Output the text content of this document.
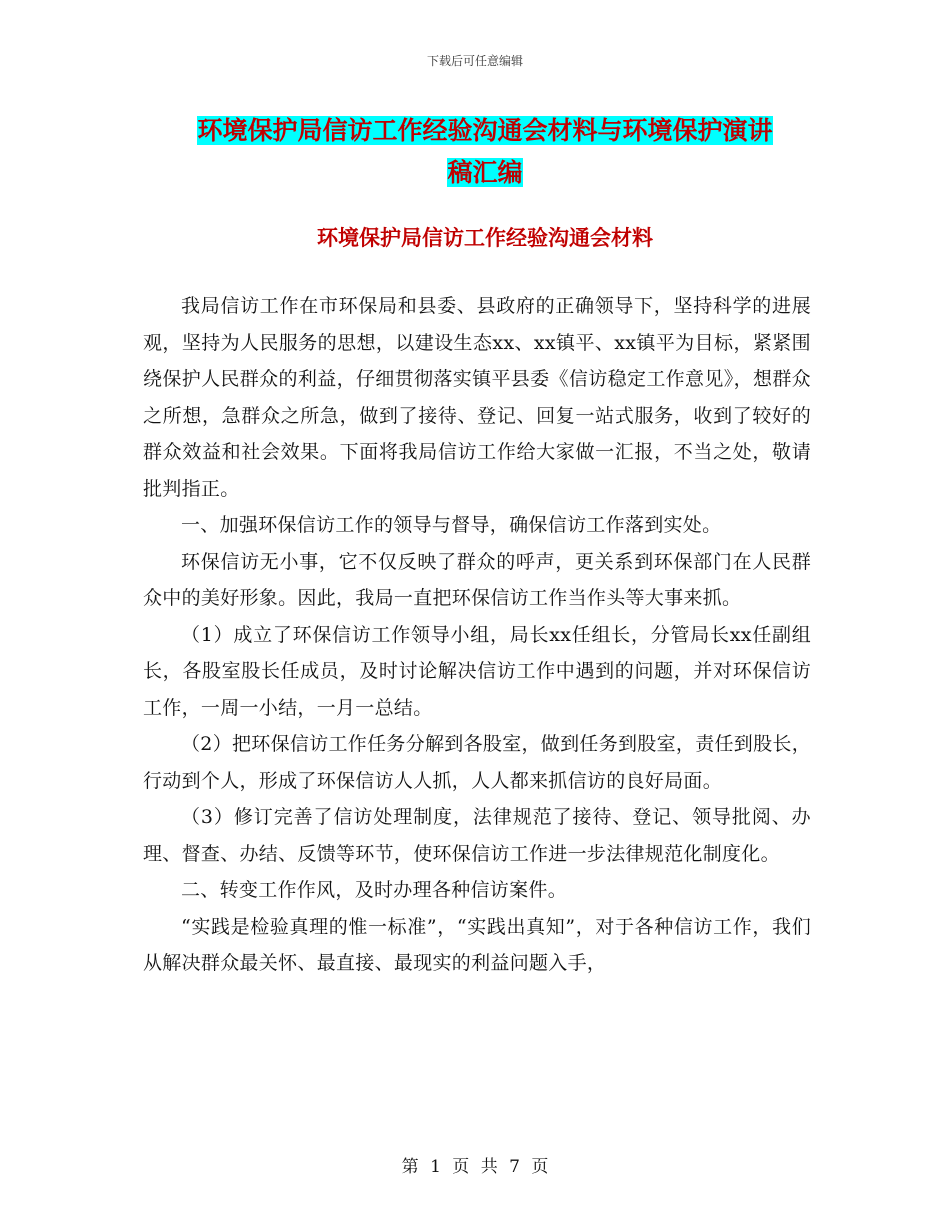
下载后可任意编辑
环境保护局信访工作经验沟通会材料与环境保护演讲
稿汇编
环境保护局信访工作经验沟通会材料

我局信访工作在市环保局和县委、县政府的正确领导下，坚持科学的进展观，坚持为人民服务的思想，以建设生态xx、xx镇平、xx镇平为目标，紧紧围绕保护人民群众的利益，仔细贯彻落实镇平县委《信访稳定工作意见》，想群众之所想，急群众之所急，做到了接待、登记、回复一站式服务，收到了较好的群众效益和社会效果。下面将我局信访工作给大家做一汇报，不当之处，敬请批判指正。

一、加强环保信访工作的领导与督导，确保信访工作落到实处。

环保信访无小事，它不仅反映了群众的呼声，更关系到环保部门在人民群众中的美好形象。因此，我局一直把环保信访工作当作头等大事来抓。

（1）成立了环保信访工作领导小组，局长xx任组长，分管局长xx任副组长，各股室股长任成员，及时讨论解决信访工作中遇到的问题，并对环保信访工作，一周一小结，一月一总结。

（2）把环保信访工作任务分解到各股室，做到任务到股室，责任到股长，行动到个人，形成了环保信访人人抓，人人都来抓信访的良好局面。

（3）修订完善了信访处理制度，法律规范了接待、登记、领导批阅、办理、督查、办结、反馈等环节，使环保信访工作进一步法律规范化制度化。

二、转变工作作风，及时办理各种信访案件。

“实践是检验真理的惟一标准”，“实践出真知”，对于各种信访工作，我们从解决群众最关怀、最直接、最现实的利益问题入手，

第 1 页 共 7 页
